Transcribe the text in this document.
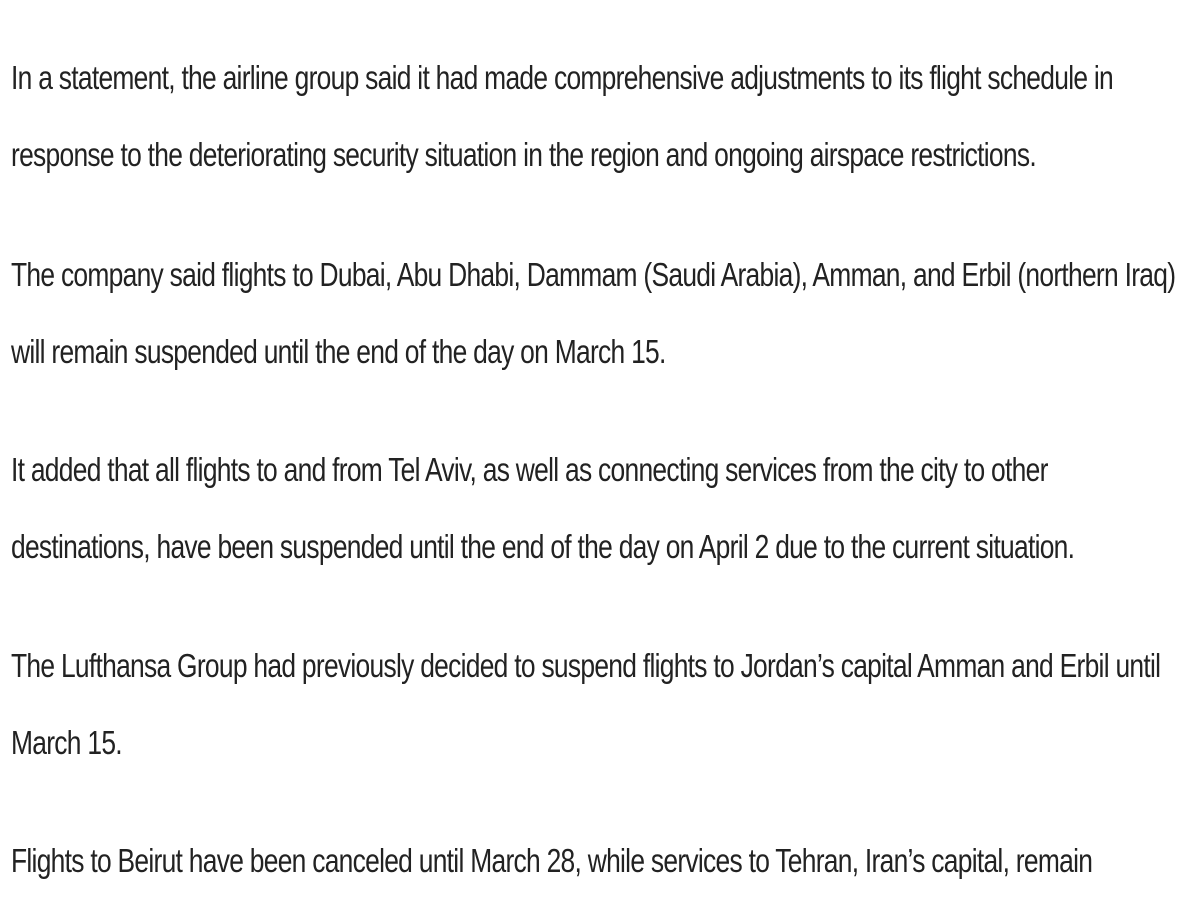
In a statement, the airline group said it had made comprehensive adjustments to its flight schedule in
response to the deteriorating security situation in the region and ongoing airspace restrictions.

The company said flights to Dubai, Abu Dhabi, Dammam (Saudi Arabia), Amman, and Erbil (northern Iraq)
will remain suspended until the end of the day on March 15.

It added that all flights to and from Tel Aviv, as well as connecting services from the city to other
destinations, have been suspended until the end of the day on April 2 due to the current situation.

The Lufthansa Group had previously decided to suspend flights to Jordan’s capital Amman and Erbil until
March 15.

Flights to Beirut have been canceled until March 28, while services to Tehran, Iran’s capital, remain
